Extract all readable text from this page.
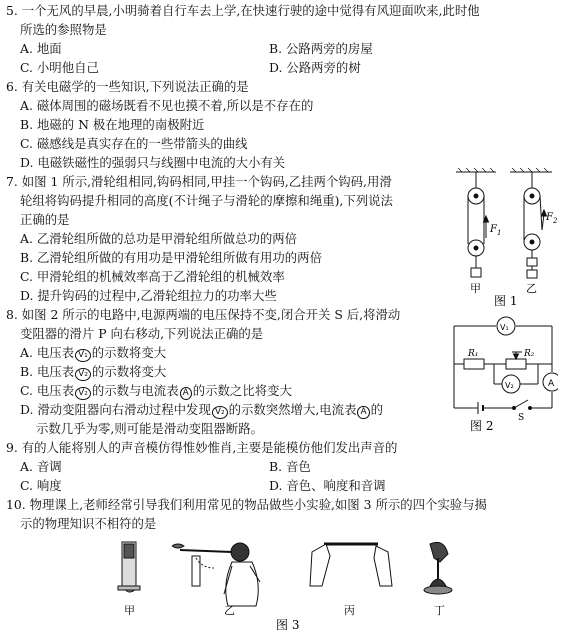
5. 一个无风的早晨,小明骑着自行车去上学,在快速行驶的途中觉得有风迎面吹来,此时他
所选的参照物是
A. 地面	B. 公路两旁的房屋
C. 小明他自己	D. 公路两旁的树
6. 有关电磁学的一些知识,下列说法正确的是
A. 磁体周围的磁场既看不见也摸不着,所以是不存在的
B. 地磁的 N 极在地理的南极附近
C. 磁感线是真实存在的一些带箭头的曲线
D. 电磁铁磁性的强弱只与线圈中电流的大小有关
7. 如图 1 所示,滑轮组相同,钩码相同,甲挂一个钩码,乙挂两个钩码,用滑
轮组将钩码提升相同的高度(不计绳子与滑轮的摩擦和绳重),下列说法
正确的是
A. 乙滑轮组所做的总功是甲滑轮组所做总功的两倍
B. 乙滑轮组所做的有用功是甲滑轮组所做有用功的两倍
C. 甲滑轮组的机械效率高于乙滑轮组的机械效率
D. 提升钩码的过程中,乙滑轮组拉力的功率大些
$F_1$
$F_2$
甲	乙
图 1
8. 如图 2 所示的电路中,电源两端的电压保持不变,闭合开关 S 后,将滑动
变阻器的滑片 P 向右移动,下列说法正确的是
A. 电压表 V₁ 的示数将变大
B. 电压表 V₂ 的示数将变大
C. 电压表 V₂ 的示数与电流表 A 的示数之比将变大
D. 滑动变阻器向右滑动过程中发现 V₂ 的示数突然增大,电流表 A 的
示数几乎为零,则可能是滑动变阻器断路。
V₁
V₂	A
R₁	R₂
S
图 2
9. 有的人能将别人的声音模仿得惟妙惟肖,主要是能模仿他们发出声音的
A. 音调	B. 音色
C. 响度	D. 音色、响度和音调
10. 物理课上,老师经常引导我们利用常见的物品做些小实验,如图 3 所示的四个实验与揭
示的物理知识不相符的是
甲	乙	丙	丁
图 3
